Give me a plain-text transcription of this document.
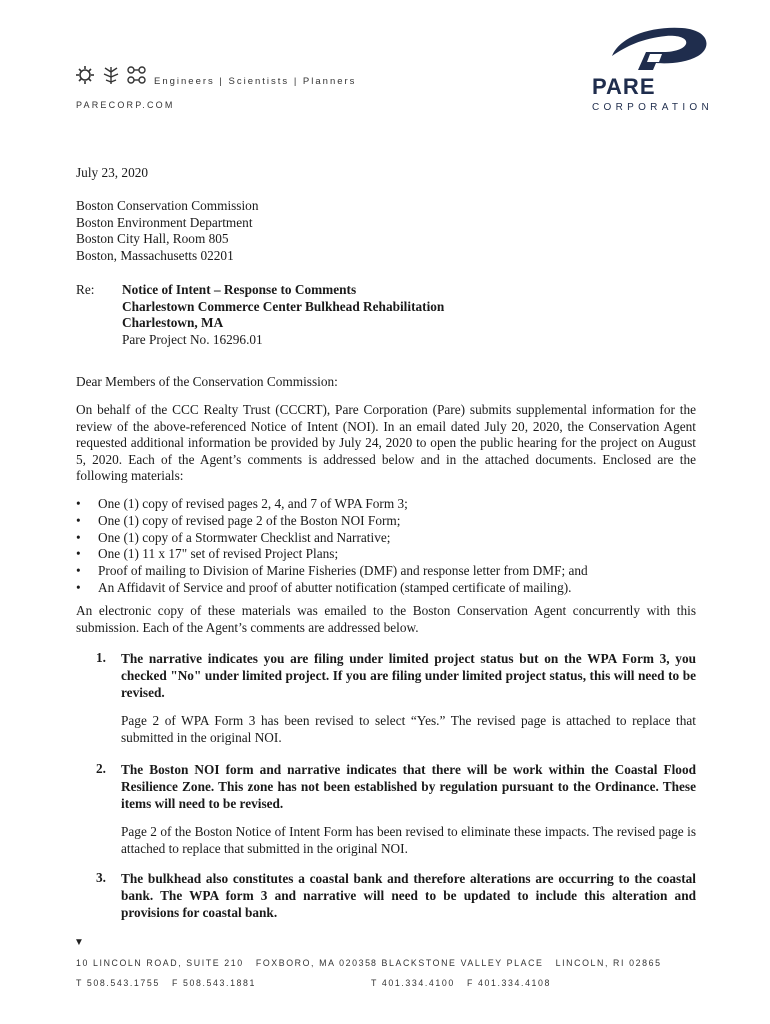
Engineers | Scientists | Planners
PARECORP.COM
PARE
CORPORATION
July 23, 2020
Boston Conservation Commission
Boston Environment Department
Boston City Hall, Room 805
Boston, Massachusetts 02201
Re: Notice of Intent – Response to Comments
Charlestown Commerce Center Bulkhead Rehabilitation
Charlestown, MA
Pare Project No. 16296.01
Dear Members of the Conservation Commission:
On behalf of the CCC Realty Trust (CCCRT), Pare Corporation (Pare) submits supplemental information for the review of the above-referenced Notice of Intent (NOI). In an email dated July 20, 2020, the Conservation Agent requested additional information be provided by July 24, 2020 to open the public hearing for the project on August 5, 2020. Each of the Agent’s comments is addressed below and in the attached documents. Enclosed are the following materials:
• One (1) copy of revised pages 2, 4, and 7 of WPA Form 3;
• One (1) copy of revised page 2 of the Boston NOI Form;
• One (1) copy of a Stormwater Checklist and Narrative;
• One (1) 11 x 17" set of revised Project Plans;
• Proof of mailing to Division of Marine Fisheries (DMF) and response letter from DMF; and
• An Affidavit of Service and proof of abutter notification (stamped certificate of mailing).
An electronic copy of these materials was emailed to the Boston Conservation Agent concurrently with this submission. Each of the Agent’s comments are addressed below.
1. The narrative indicates you are filing under limited project status but on the WPA Form 3, you checked "No" under limited project. If you are filing under limited project status, this will need to be revised.
Page 2 of WPA Form 3 has been revised to select “Yes.” The revised page is attached to replace that submitted in the original NOI.
2. The Boston NOI form and narrative indicates that there will be work within the Coastal Flood Resilience Zone. This zone has not been established by regulation pursuant to the Ordinance. These items will need to be revised.
Page 2 of the Boston Notice of Intent Form has been revised to eliminate these impacts. The revised page is attached to replace that submitted in the original NOI.
3. The bulkhead also constitutes a coastal bank and therefore alterations are occurring to the coastal bank. The WPA form 3 and narrative will need to be updated to include this alteration and provisions for coastal bank.
▼
10 LINCOLN ROAD, SUITE 210   FOXBORO, MA 02035
T 508.543.1755   F 508.543.1881
8 BLACKSTONE VALLEY PLACE   LINCOLN, RI 02865
T 401.334.4100   F 401.334.4108
